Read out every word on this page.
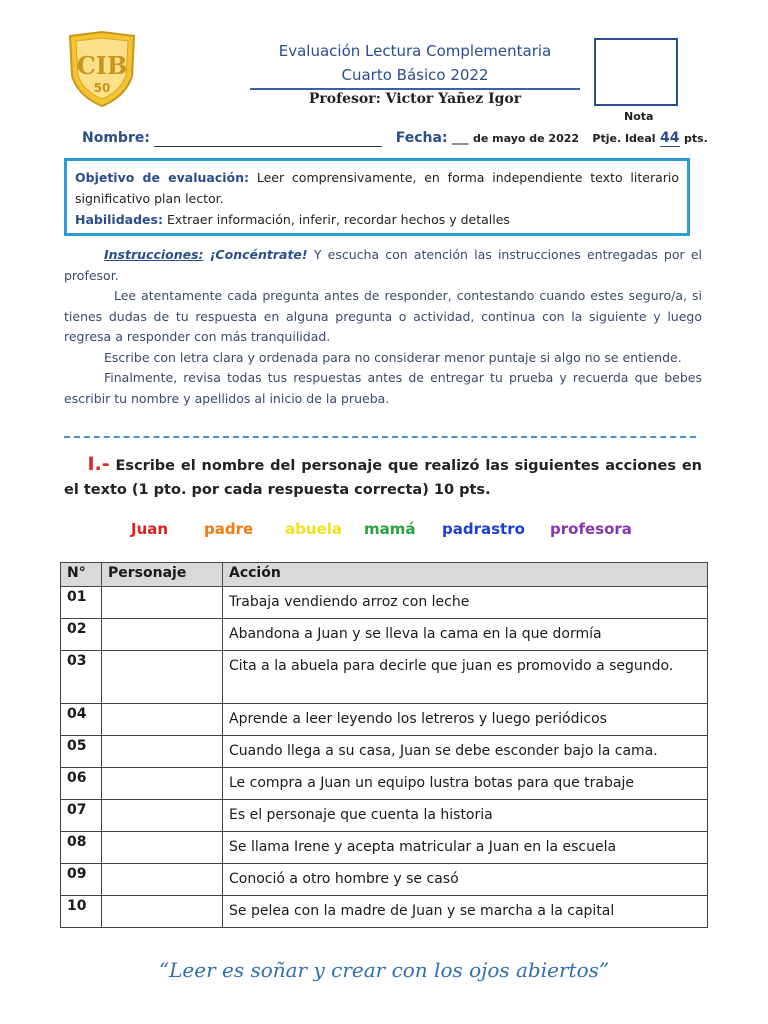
CIB
50
Evaluación Lectura Complementaria
Cuarto Básico 2022
Profesor: Victor Yañez Igor
Nota
Nombre:	Fecha: ___ de mayo de 2022 Ptje. Ideal 44 pts.
Objetivo de evaluación: Leer comprensivamente, en forma independiente texto literario significativo plan lector.
Habilidades: Extraer información, inferir, recordar hechos y detalles

Instrucciones: ¡Concéntrate! Y escucha con atención las instrucciones entregadas por el profesor.

Lee atentamente cada pregunta antes de responder, contestando cuando estes seguro/a, si tienes dudas de tu respuesta en alguna pregunta o actividad, continua con la siguiente y luego regresa a responder con más tranquilidad.

Escribe con letra clara y ordenada para no considerar menor puntaje si algo no se entiende.

Finalmente, revisa todas tus respuestas antes de entregar tu prueba y recuerda que bebes escribir tu nombre y apellidos al inicio de la prueba.

I.- Escribe el nombre del personaje que realizó las siguientes acciones en el texto (1 pto. por cada respuesta correcta) 10 pts.
Juan padre abuela mamá padrastro profesora
N°	Personaje	Acción
01		Trabaja vendiendo arroz con leche
02		Abandona a Juan y se lleva la cama en la que dormía
03		Cita a la abuela para decirle que juan es promovido a segundo.
04		Aprende a leer leyendo los letreros y luego periódicos
05		Cuando llega a su casa, Juan se debe esconder bajo la cama.
06		Le compra a Juan un equipo lustra botas para que trabaje
07		Es el personaje que cuenta la historia
08		Se llama Irene y acepta matricular a Juan en la escuela
09		Conoció a otro hombre y se casó
10		Se pelea con la madre de Juan y se marcha a la capital
“Leer es soñar y crear con los ojos abiertos”
